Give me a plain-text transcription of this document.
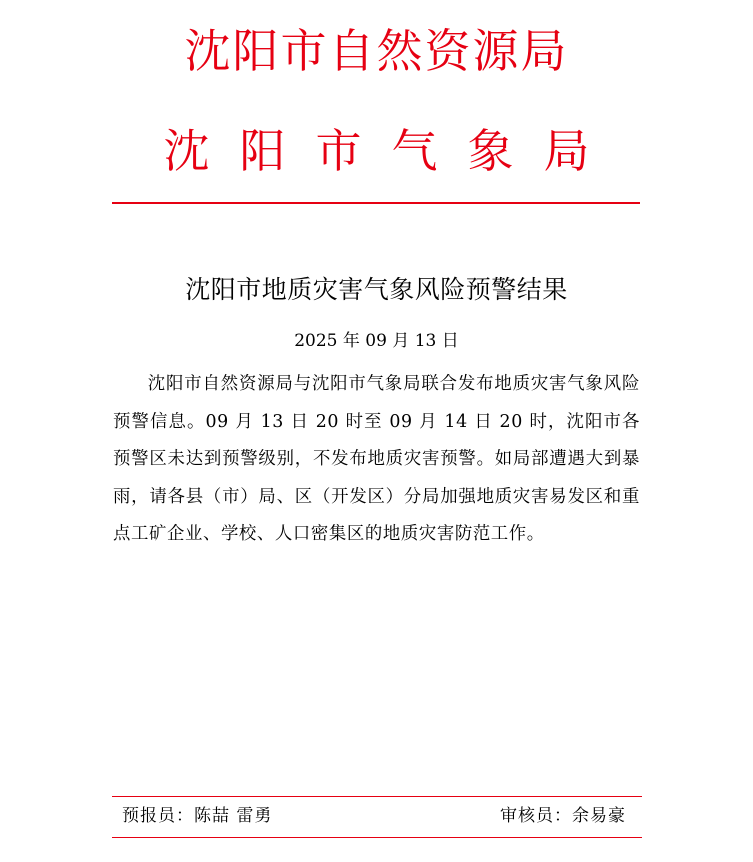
沈阳市自然资源局
沈阳市气象局
沈阳市地质灾害气象风险预警结果
2025 年 09 月 13 日

沈阳市自然资源局与沈阳市气象局联合发布地质灾害气象风险预警信息。09 月 13 日 20 时至 09 月 14 日 20 时，沈阳市各预警区未达到预警级别，不发布地质灾害预警。如局部遭遇大到暴雨，请各县（市）局、区（开发区）分局加强地质灾害易发区和重点工矿企业、学校、人口密集区的地质灾害防范工作。

预报员：陈喆 雷勇	审核员：余易豪
